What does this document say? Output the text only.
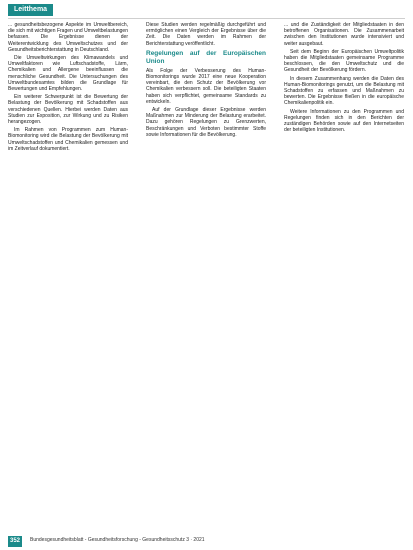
Leitthema

... gesundheitsbezogene Aspekte im Umweltbereich, die sich mit wichtigen Fragen und Umweltbelastungen befassen. Die Ergebnisse dienen der Weiterentwicklung des Umweltschutzes und der Gesundheitsberichterstattung in Deutschland.

Die Umweltwirkungen des Klimawandels und Umweltfaktoren wie Luftschadstoffe, Lärm, Chemikalien und Allergene beeinflussen die menschliche Gesundheit. Die Untersuchungen des Umweltbundesamtes bilden die Grundlage für Bewertungen und Empfehlungen.

Ein weiterer Schwerpunkt ist die Bewertung der Belastung der Bevölkerung mit Schadstoffen aus verschiedenen Quellen. Hierbei werden Daten aus Studien zur Exposition, zur Wirkung und zu Risiken herangezogen.

Im Rahmen von Programmen zum Human-Biomonitoring wird die Belastung der Bevölkerung mit Umweltschadstoffen und Chemikalien gemessen und im Zeitverlauf dokumentiert.

Diese Studien werden regelmäßig durchgeführt und ermöglichen einen Vergleich der Ergebnisse über die Zeit. Die Daten werden im Rahmen der Berichterstattung veröffentlicht.

Regelungen auf der Europäischen Union

Als Folge der Verbesserung des Human-Biomonitorings wurde 2017 eine neue Kooperation vereinbart, die den Schutz der Bevölkerung vor Chemikalien verbessern soll. Die beteiligten Staaten haben sich verpflichtet, gemeinsame Standards zu entwickeln.

Auf der Grundlage dieser Ergebnisse werden Maßnahmen zur Minderung der Belastung erarbeitet. Dazu gehören Regelungen zu Grenzwerten, Beschränkungen und Verboten bestimmter Stoffe sowie Informationen für die Bevölkerung.

... und die Zuständigkeit der Mitgliedstaaten in den betroffenen Organisationen. Die Zusammenarbeit zwischen den Institutionen wurde intensiviert und weiter ausgebaut.

Seit dem Beginn der Europäischen Umweltpolitik haben die Mitgliedstaaten gemeinsame Programme beschlossen, die den Umweltschutz und die Gesundheit der Bevölkerung fördern.

In diesem Zusammenhang werden die Daten des Human-Biomonitorings genutzt, um die Belastung mit Schadstoffen zu erfassen und Maßnahmen zu bewerten. Die Ergebnisse fließen in die europäische Chemikalienpolitik ein.

Weitere Informationen zu den Programmen und Regelungen finden sich in den Berichten der zuständigen Behörden sowie auf den Internetseiten der beteiligten Institutionen.

352	Bundesgesundheitsblatt - Gesundheitsforschung - Gesundheitsschutz 3 · 2021
